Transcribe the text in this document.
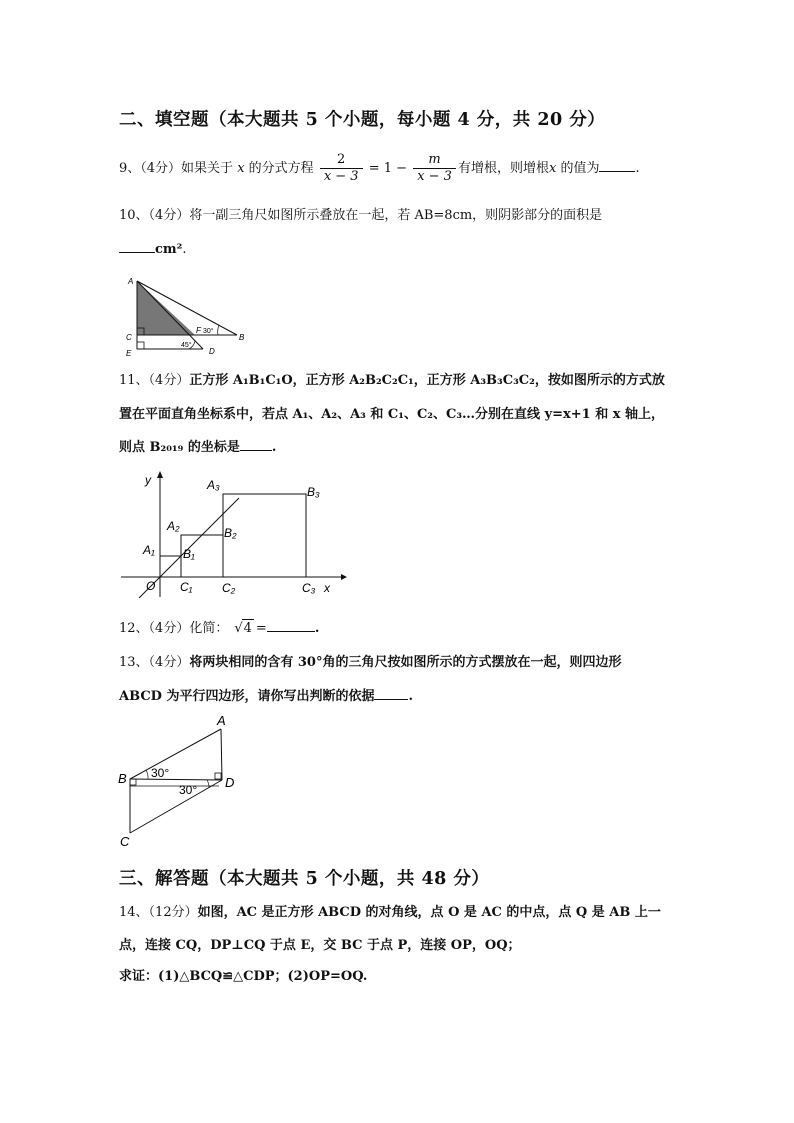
二、填空题（本大题共 5 个小题，每小题 4 分，共 20 分）
9、（4分）如果关于 x 的分式方程 $\frac{2}{x - 3} = 1 - \frac{m}{x - 3}$ 有增根，则增根x 的值为	.
10、（4分）将一副三角尺如图所示叠放在一起，若 AB=8cm，则阴影部分的面积是
cm².
A
C
E
F 30°
45°
B
D
11、（4分）正方形 A₁B₁C₁O，正方形 A₂B₂C₂C₁，正方形 A₃B₃C₃C₂，按如图所示的方式放
置在平面直角坐标系中，若点 A₁、A₂、A₃ 和 C₁、C₂、C₃…分别在直线 y=x+1 和 x 轴上，
则点 B₂₀₁₉ 的坐标是 .
y	A₃	B₃
A₂	B₂
A₁ B₁
O C₁ C₂	C₃ x
12、（4分）化简： √4 =	.
13、（4分）将两块相同的含有 30°角的三角尺按如图所示的方式摆放在一起，则四边形
ABCD 为平行四边形，请你写出判断的依据	.
A
B 30°
30° D
C
三、解答题（本大题共 5 个小题，共 48 分）
14、（12分）如图，AC 是正方形 ABCD 的对角线，点 O 是 AC 的中点，点 Q 是 AB 上一
点，连接 CQ，DP⊥CQ 于点 E，交 BC 于点 P，连接 OP，OQ；
求证：(1)△BCQ≌△CDP；(2)OP=OQ.
